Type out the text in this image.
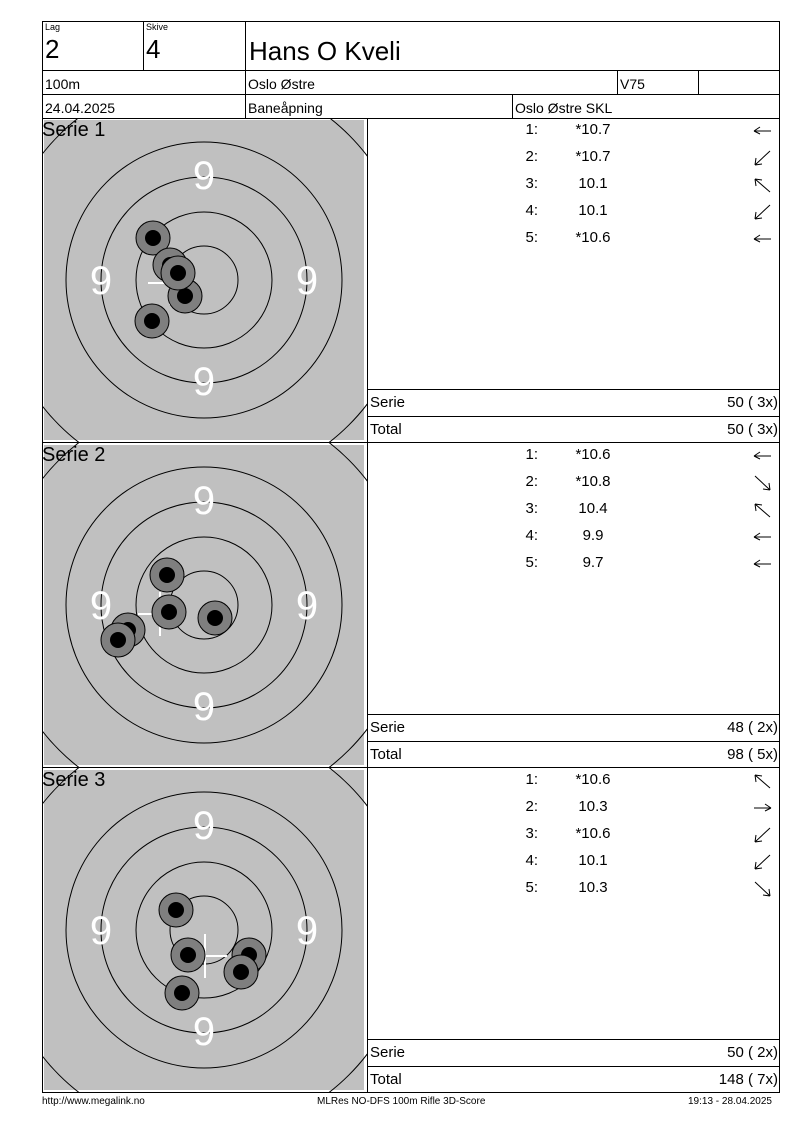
Lag
2
Skive
4	Hans O Kveli
100m	Oslo Østre	V75
24.04.2025	Baneåpning	Oslo Østre SKL
9
9
9	9
Serie 1	1:	*10.7
2:	*10.7
3:	10.1
4:	10.1
5:	*10.6
Serie	50 ( 3x)
Total	50 ( 3x)
9
9
9	9
Serie 2	1:	*10.6
2:	*10.8
3:	10.4
4:	9.9
5:	9.7
Serie	48 ( 2x)
Total	98 ( 5x)
9
9
9	9
Serie 3	1:	*10.6
2:	10.3
3:	*10.6
4:	10.1
5:	10.3
Serie	50 ( 2x)
Total	148 ( 7x)
http://www.megalink.no	MLRes NO-DFS 100m Rifle 3D-Score	19:13 - 28.04.2025
